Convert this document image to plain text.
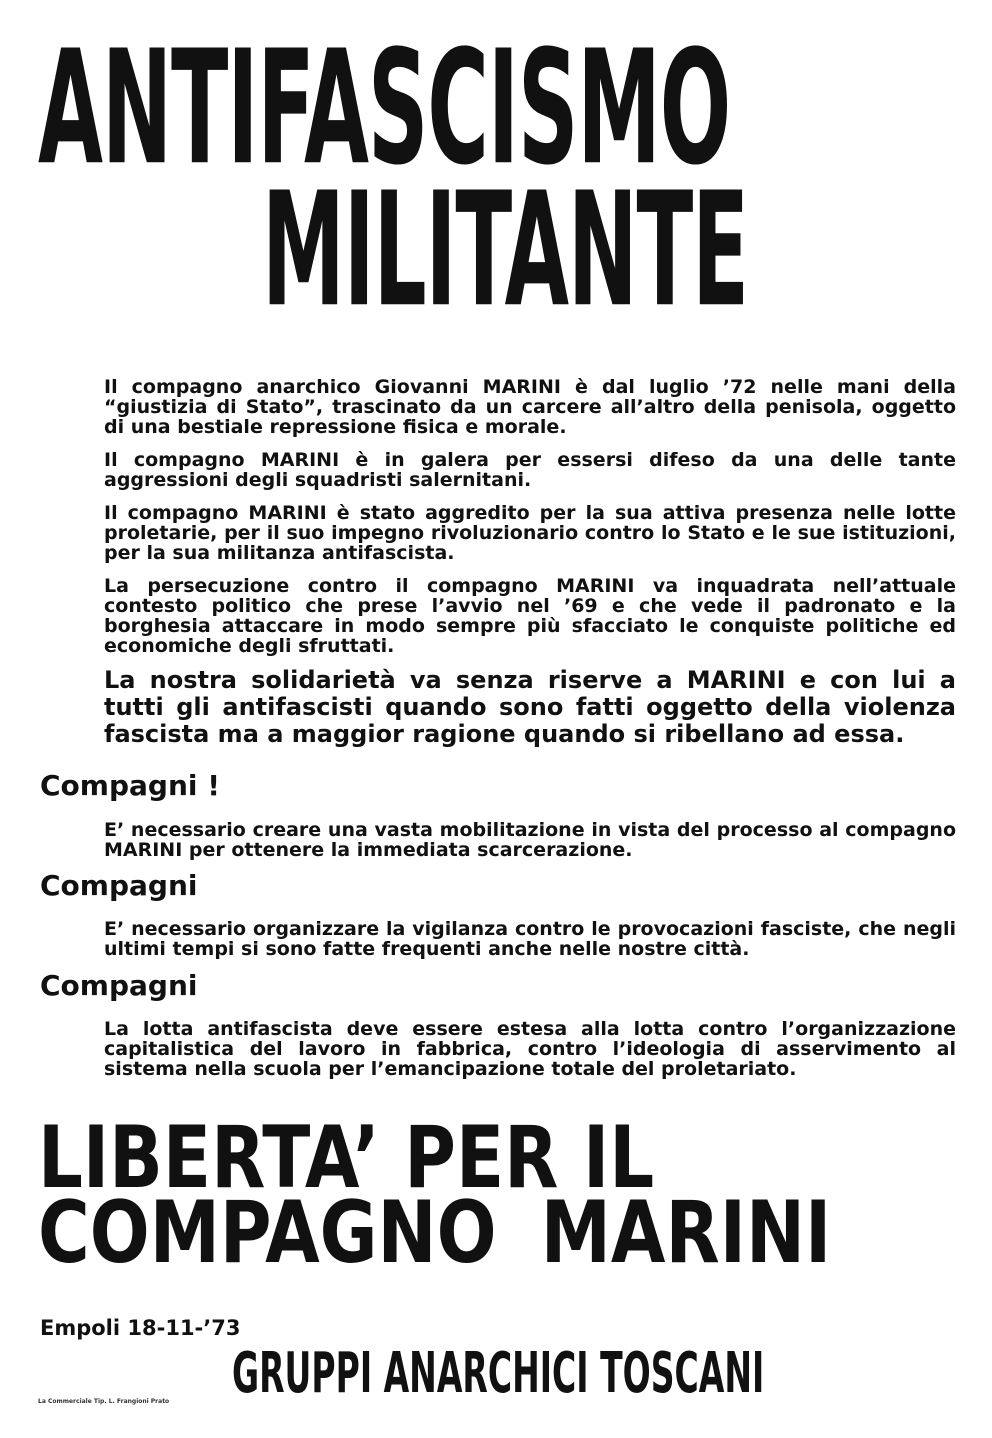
ANTIFASCISMO
MILITANTE

Il compagno anarchico Giovanni MARINI è dal luglio ’72 nelle mani della “giustizia di Stato”, trascinato da un carcere all’altro della penisola, oggetto di una bestiale repressione fisica e morale.

Il compagno MARINI è in galera per essersi difeso da una delle tante aggressioni degli squadristi salernitani.

Il compagno MARINI è stato aggredito per la sua attiva presenza nelle lotte proletarie, per il suo impegno rivoluzionario contro lo Stato e le sue istituzioni, per la sua militanza antifascista.

La persecuzione contro il compagno MARINI va inquadrata nell’attuale contesto politico che prese l’avvio nel ’69 e che vede il padronato e la borghesia attaccare in modo sempre più sfacciato le conquiste politiche ed economiche degli sfruttati.

La nostra solidarietà va senza riserve a MARINI e con lui a tutti gli antifascisti quando sono fatti oggetto della violenza fascista ma a maggior ragione quando si ribellano ad essa.

Compagni !

E’ necessario creare una vasta mobilitazione in vista del processo al compagno MARINI per ottenere la immediata scarcerazione.

Compagni

E’ necessario organizzare la vigilanza contro le provocazioni fasciste, che negli ultimi tempi si sono fatte frequenti anche nelle nostre città.

Compagni

La lotta antifascista deve essere estesa alla lotta contro l’organizzazione capitalistica del lavoro in fabbrica, contro l’ideologia di asservimento al sistema nella scuola per l’emancipazione totale del proletariato.

LIBERTA’ PER IL
COMPAGNO MARINI

Empoli 18-11-’73

GRUPPI ANARCHICI TOSCANI

La Commerciale Tip. L. Frangioni Prato
